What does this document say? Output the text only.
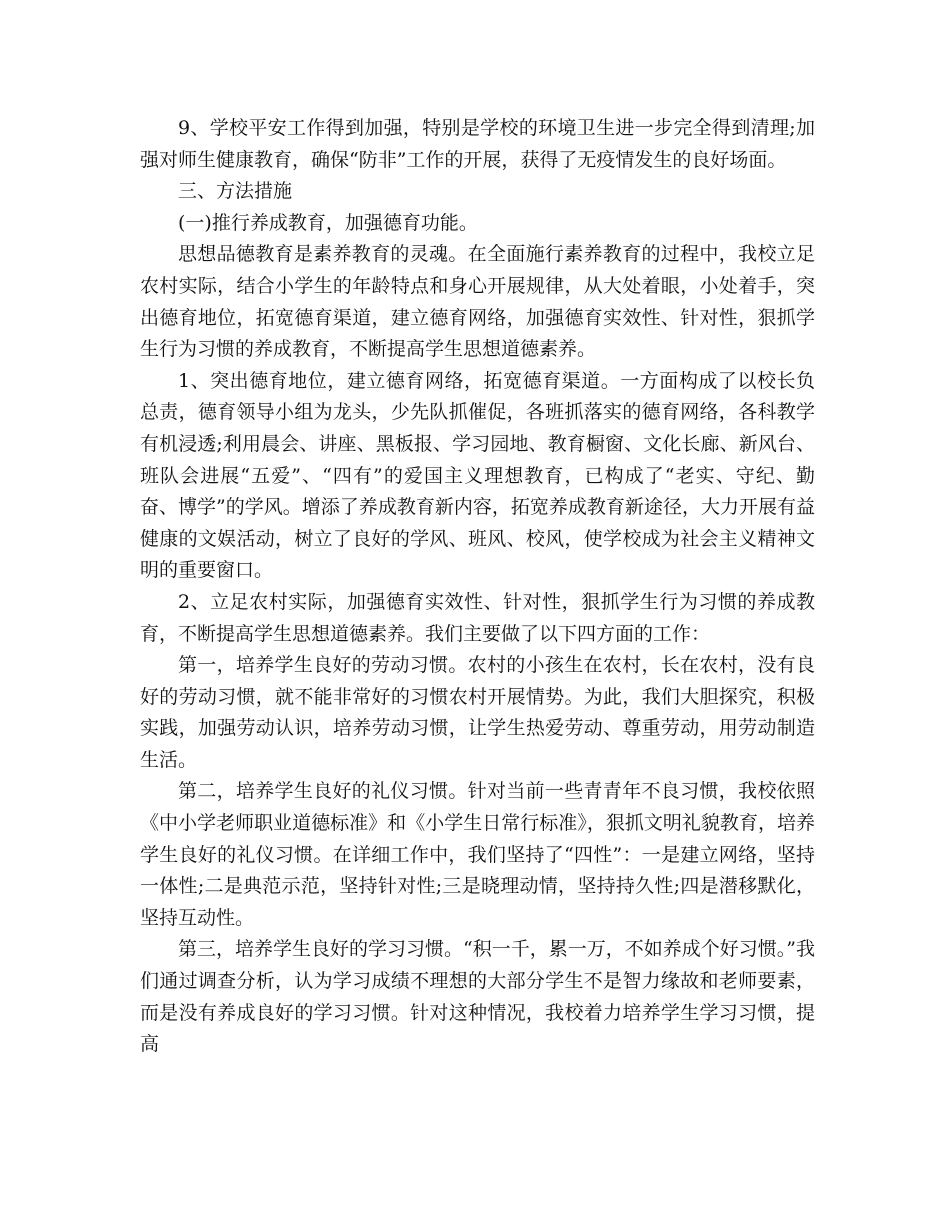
9、学校平安工作得到加强，特别是学校的环境卫生进一步完全得到清理;加强对师生健康教育，确保“防非”工作的开展，获得了无疫情发生的良好场面。

三、方法措施

(一)推行养成教育，加强德育功能。

思想品德教育是素养教育的灵魂。在全面施行素养教育的过程中，我校立足农村实际，结合小学生的年龄特点和身心开展规律，从大处着眼，小处着手，突出德育地位，拓宽德育渠道，建立德育网络，加强德育实效性、针对性，狠抓学生行为习惯的养成教育，不断提高学生思想道德素养。

1、突出德育地位，建立德育网络，拓宽德育渠道。一方面构成了以校长负总责，德育领导小组为龙头，少先队抓催促，各班抓落实的德育网络，各科教学有机浸透;利用晨会、讲座、黑板报、学习园地、教育橱窗、文化长廊、新风台、班队会进展“五爱”、“四有”的爱国主义理想教育，已构成了“老实、守纪、勤奋、博学”的学风。增添了养成教育新内容，拓宽养成教育新途径，大力开展有益健康的文娱活动，树立了良好的学风、班风、校风，使学校成为社会主义精神文明的重要窗口。

2、立足农村实际，加强德育实效性、针对性，狠抓学生行为习惯的养成教育，不断提高学生思想道德素养。我们主要做了以下四方面的工作：

第一，培养学生良好的劳动习惯。农村的小孩生在农村，长在农村，没有良好的劳动习惯，就不能非常好的习惯农村开展情势。为此，我们大胆探究，积极实践，加强劳动认识，培养劳动习惯，让学生热爱劳动、尊重劳动，用劳动制造生活。

第二，培养学生良好的礼仪习惯。针对当前一些青青年不良习惯，我校依照《中小学老师职业道德标准》和《小学生日常行标准》，狠抓文明礼貌教育，培养学生良好的礼仪习惯。在详细工作中，我们坚持了“四性”：一是建立网络，坚持一体性;二是典范示范，坚持针对性;三是晓理动情，坚持持久性;四是潜移默化，坚持互动性。

第三，培养学生良好的学习习惯。“积一千，累一万，不如养成个好习惯。”我们通过调查分析，认为学习成绩不理想的大部分学生不是智力缘故和老师要素，而是没有养成良好的学习习惯。针对这种情况，我校着力培养学生学习习惯，提高
